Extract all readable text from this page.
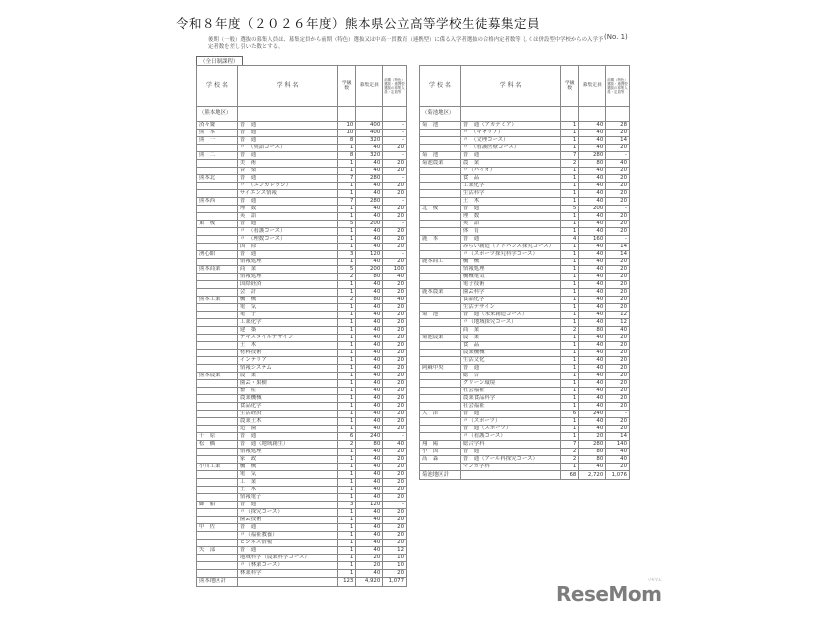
令和８年度（２０２６年度）熊本県公立高等学校生徒募集定員
(No. 1)
後期（一般）選抜の募集人員は、募集定員から前期（特色）選抜又は中高一貫教育（連携型）に係る入学者選抜の合格内定者数等 しくは併設型中学校からの入学予定者数を差し引いた数とする。
（全日制課程）
学 校 名	学 科 名	学級数	募集定員	前期（特色）選抜・連携型選抜の募集人員・定員等
（熊本地区）				
済々黌	普　通	10	400	-
熊　本	普　通	10	400	-
熊　一	普　通	8	320	-
	〃　（英語コース）	1	40	20
熊　二	普　通	8	320	-
	美　術	1	40	20
	音　楽	1	40	20
熊本北	普　通	7	280	-
	〃　（エンカレッジ）	1	40	20
	サイエンス情報	1	40	20
熊本西	普　通	7	280	-
	理　数	1	40	20
	英　語	1	40	20
東　稜	普　通	5	200	-
	〃　（看護コース）	1	40	20
	〃　（理数コース）	1	40	20
	国　際	1	40	20
湧心館	普　通	3	120	-
	情報処理	1	40	20
熊本商業	商　業	5	200	100
	情報処理	2	80	40
	国際経済	1	40	20
	会　計	1	40	20
熊本工業	機　械	2	80	40
	電　気	1	40	20
	電　子	1	40	20
	工業化学	1	40	20
	建　築	1	40	20
	テキスタイルデザイン	1	40	20
	土　木	1	40	20
	材料技術	1	40	20
	インテリア	1	40	20
	情報システム	1	40	20
熊本農業	農　業	1	40	20
	園芸・果樹	1	40	20
	畜　産	1	40	20
	農業機械	1	40	20
	食品化学	1	40	20
	生活経済	1	40	20
	農業土木	1	40	20
	造　園	1	40	20
千　原	普　通	6	240	-
松　橋	普　通（地域創生）	2	80	40
	情報処理	1	40	20
	家　政	1	40	20
小川工業	機　械	1	40	20
	電　気	1	40	20
	工　業	1	40	20
	土　木	1	40	20
	情報電子	1	40	20
御　船	普　通	3	120	-
	〃（探究コース）	1	40	20
	園芸技術	1	40	20
甲　佐	普　通	1	40	20
	〃（福祉教養）	1	40	20
	ビジネス情報	1	40	20
矢　部	普　通	1	40	12
	地域科学（農業科学コース）	1	20	10
	〃（林業コース）	1	20	10
	林業科学	1	40	20
熊本地区計		123	4,920	1,077
学 校 名	学 科 名	学級数	募集定員	前期（特色）選抜・連携型選抜の募集人員・定員等
（菊池地区）				
菊　池	普　通（アカデミア）	1	40	28
	〃　（キャリア）	1	40	20
	〃　（文理コース）	1	40	14
	〃　（看護医療コース）	1	40	20
菊　池	普　通	7	280	-
菊池農業	農　業	2	80	40
	〃（バイオ）	1	40	20
	食　品	1	40	20
	工業化学	1	40	20
	生活科学	1	40	20
	土　木	1	40	20
北　稜	普　通	5	200	-
	理　数	1	40	20
	英　語	1	40	20
	体　育	1	40	20
鹿　本	普　通	4	160	-
	みらい創造（アドバンス探究コース）	1	40	14
	〃（スポーツ探究科学コース）	1	40	14
鹿本商工	機　械	1	40	20
	情報処理	1	40	20
	機械電気	1	40	20
	電子技術	1	40	20
鹿本農業	園芸科学	1	40	20
	食品化学	1	40	20
	生活デザイン	1	40	20
菊　池	普　通（未来創造コース）	1	40	12
	〃（地域探究コース）	1	40	12
	商　業	2	80	40
菊池農業	農　業	1	40	20
	食　品	1	40	20
	農業機械	1	40	20
	生活文化	1	40	20
阿蘇中央	普　通	1	40	20
	総　合	1	40	20
	グリーン環境	1	40	20
	社会福祉	1	40	20
	農業食品科学	1	40	20
	社会福祉	1	40	20
大　津	普　通	6	240	-
	〃（スポーツ）	1	40	20
	普　通（スポーツ）	1	40	20
	〃（看護コース）	1	20	14
翔　陽	総合学科	7	280	140
小　国	普　通	2	80	40
高　森	普　通（アール科探究コース）	2	80	40
	マンガ学科	1	40	20
菊池地区計		68	2,720	1,076
ReseMom
リセマム
